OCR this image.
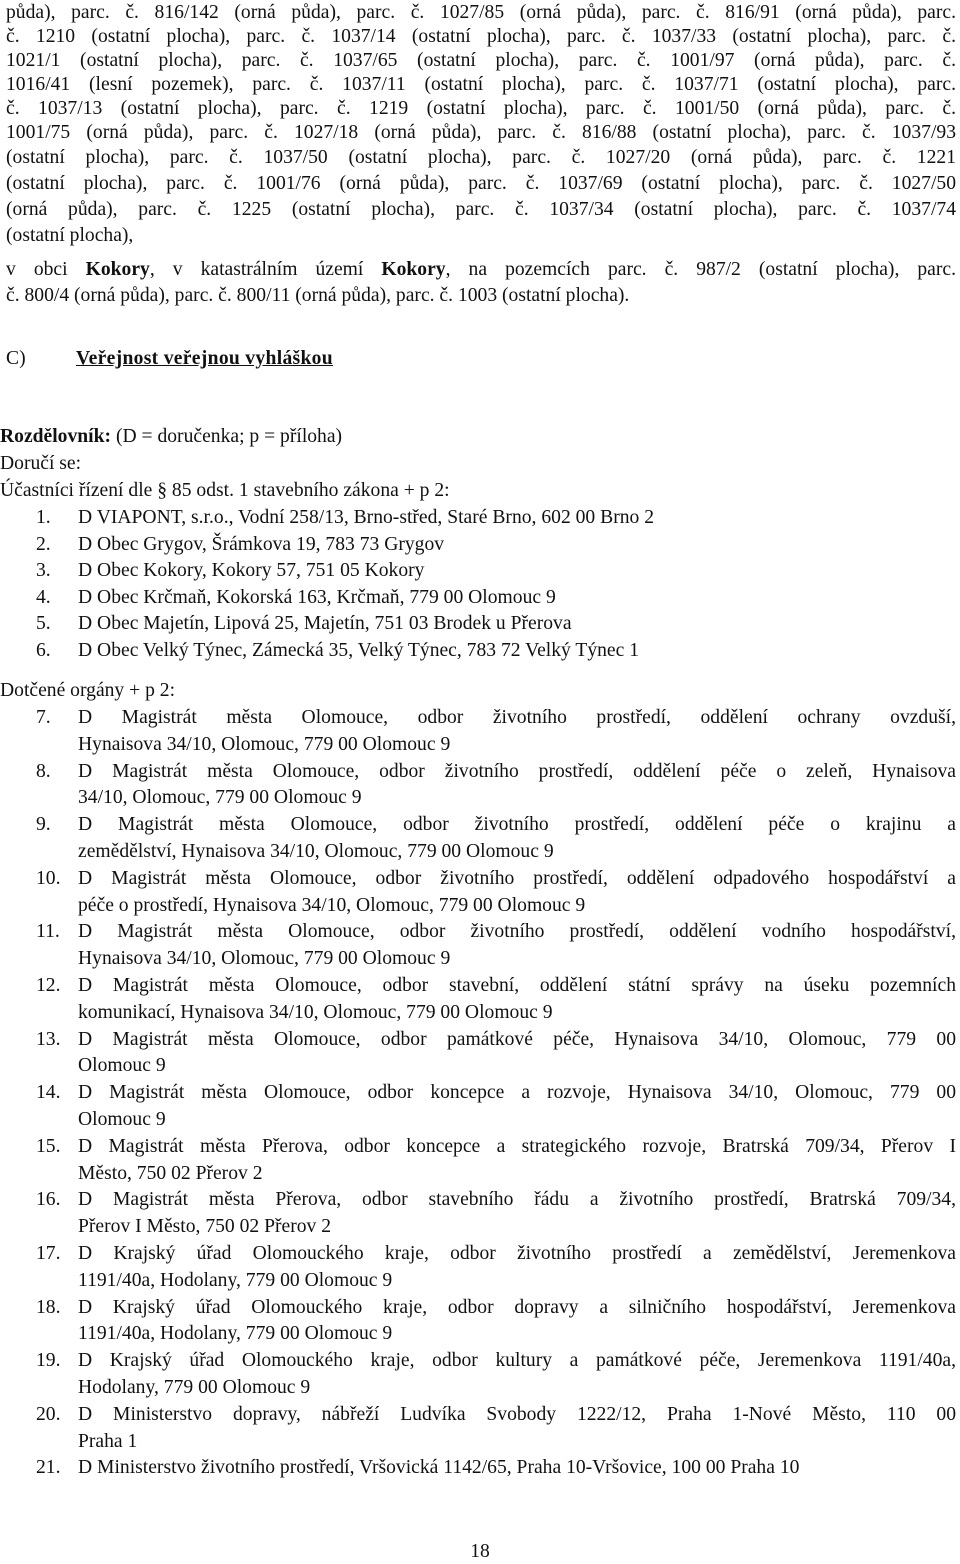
půda), parc. č. 816/142 (orná půda), parc. č. 1027/85 (orná půda), parc. č. 816/91 (orná půda), parc.
č. 1210 (ostatní plocha), parc. č. 1037/14 (ostatní plocha), parc. č. 1037/33 (ostatní plocha), parc. č.
1021/1 (ostatní plocha), parc. č. 1037/65 (ostatní plocha), parc. č. 1001/97 (orná půda), parc. č.
1016/41 (lesní pozemek), parc. č. 1037/11 (ostatní plocha), parc. č. 1037/71 (ostatní plocha), parc.
č. 1037/13 (ostatní plocha), parc. č. 1219 (ostatní plocha), parc. č. 1001/50 (orná půda), parc. č.
1001/75 (orná půda), parc. č. 1027/18 (orná půda), parc. č. 816/88 (ostatní plocha), parc. č. 1037/93
(ostatní plocha), parc. č. 1037/50 (ostatní plocha), parc. č. 1027/20 (orná půda), parc. č. 1221
(ostatní plocha), parc. č. 1001/76 (orná půda), parc. č. 1037/69 (ostatní plocha), parc. č. 1027/50
(orná půda), parc. č. 1225 (ostatní plocha), parc. č. 1037/34 (ostatní plocha), parc. č. 1037/74
(ostatní plocha),
v obci Kokory, v katastrálním území Kokory, na pozemcích parc. č. 987/2 (ostatní plocha), parc.
č. 800/4 (orná půda), parc. č. 800/11 (orná půda), parc. č. 1003 (ostatní plocha).
C)	Veřejnost veřejnou vyhláškou
Rozdělovník: (D = doručenka; p = příloha)
Doručí se:
Účastníci řízení dle § 85 odst. 1 stavebního zákona + p 2:
1.	D VIAPONT, s.r.o., Vodní 258/13, Brno-střed, Staré Brno, 602 00 Brno 2
2.	D Obec Grygov, Šrámkova 19, 783 73 Grygov
3.	D Obec Kokory, Kokory 57, 751 05 Kokory
4.	D Obec Krčmaň, Kokorská 163, Krčmaň, 779 00 Olomouc 9
5.	D Obec Majetín, Lipová 25, Majetín, 751 03 Brodek u Přerova
6.	D Obec Velký Týnec, Zámecká 35, Velký Týnec, 783 72 Velký Týnec 1
Dotčené orgány + p 2:
7.	D Magistrát města Olomouce, odbor životního prostředí, oddělení ochrany ovzduší,
Hynaisova 34/10, Olomouc, 779 00 Olomouc 9
8.	D Magistrát města Olomouce, odbor životního prostředí, oddělení péče o zeleň, Hynaisova
34/10, Olomouc, 779 00 Olomouc 9
9.	D Magistrát města Olomouce, odbor životního prostředí, oddělení péče o krajinu a
zemědělství, Hynaisova 34/10, Olomouc, 779 00 Olomouc 9
10. D Magistrát města Olomouce, odbor životního prostředí, oddělení odpadového hospodářství a
péče o prostředí, Hynaisova 34/10, Olomouc, 779 00 Olomouc 9
11. D Magistrát města Olomouce, odbor životního prostředí, oddělení vodního hospodářství,
Hynaisova 34/10, Olomouc, 779 00 Olomouc 9
12. D Magistrát města Olomouce, odbor stavební, oddělení státní správy na úseku pozemních
komunikací, Hynaisova 34/10, Olomouc, 779 00 Olomouc 9
13. D Magistrát města Olomouce, odbor památkové péče, Hynaisova 34/10, Olomouc, 779 00
Olomouc 9
14. D Magistrát města Olomouce, odbor koncepce a rozvoje, Hynaisova 34/10, Olomouc, 779 00
Olomouc 9
15. D Magistrát města Přerova, odbor koncepce a strategického rozvoje, Bratrská 709/34, Přerov I
Město, 750 02 Přerov 2
16. D Magistrát města Přerova, odbor stavebního řádu a životního prostředí, Bratrská 709/34,
Přerov I Město, 750 02 Přerov 2
17. D Krajský úřad Olomouckého kraje, odbor životního prostředí a zemědělství, Jeremenkova
1191/40a, Hodolany, 779 00 Olomouc 9
18. D Krajský úřad Olomouckého kraje, odbor dopravy a silničního hospodářství, Jeremenkova
1191/40a, Hodolany, 779 00 Olomouc 9
19. D Krajský úřad Olomouckého kraje, odbor kultury a památkové péče, Jeremenkova 1191/40a,
Hodolany, 779 00 Olomouc 9
20. D Ministerstvo dopravy, nábřeží Ludvíka Svobody 1222/12, Praha 1-Nové Město, 110 00
Praha 1
21. D Ministerstvo životního prostředí, Vršovická 1142/65, Praha 10-Vršovice, 100 00 Praha 10
18
